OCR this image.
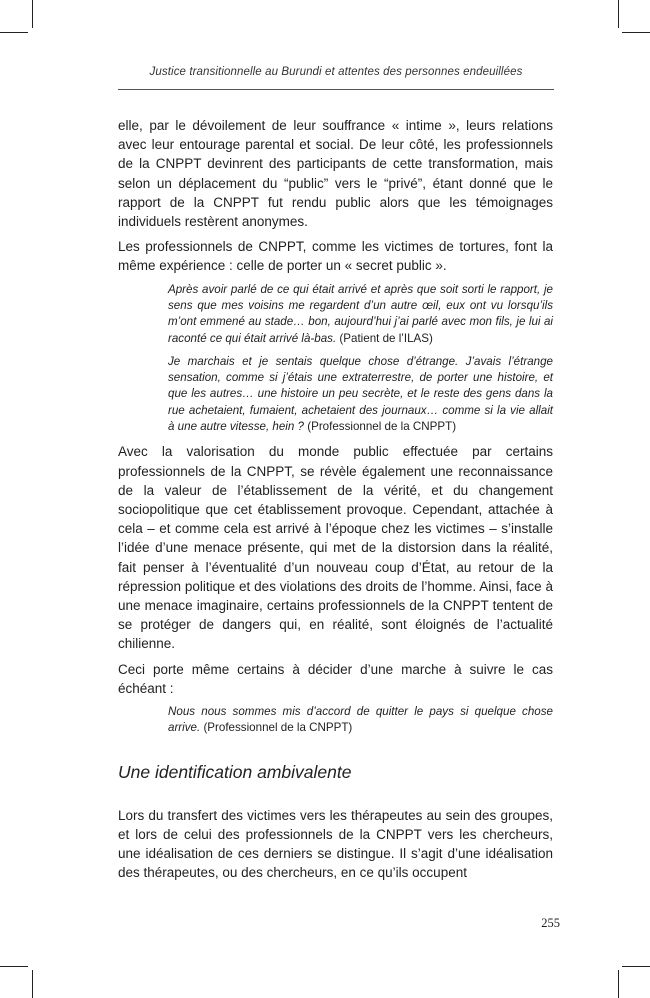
Justice transitionnelle au Burundi et attentes des personnes endeuillées

elle, par le dévoilement de leur souffrance « intime », leurs relations avec leur entourage parental et social. De leur côté, les professionnels de la CNPPT devinrent des participants de cette transformation, mais selon un déplacement du “public” vers le “privé”, étant donné que le rapport de la CNPPT fut rendu public alors que les témoignages individuels restèrent anonymes.

Les professionnels de CNPPT, comme les victimes de tortures, font la même expérience : celle de porter un « secret public ».

Après avoir parlé de ce qui était arrivé et après que soit sorti le rapport, je sens que mes voisins me regardent d’un autre œil, eux ont vu lorsqu’ils m’ont emmené au stade… bon, aujourd’hui j’ai parlé avec mon fils, je lui ai raconté ce qui était arrivé là-bas. (Patient de l’ILAS)

Je marchais et je sentais quelque chose d’étrange. J’avais l’étrange sensation, comme si j’étais une extraterrestre, de porter une histoire, et que les autres… une histoire un peu secrète, et le reste des gens dans la rue achetaient, fumaient, achetaient des journaux… comme si la vie allait à une autre vitesse, hein ? (Professionnel de la CNPPT)

Avec la valorisation du monde public effectuée par certains professionnels de la CNPPT, se révèle également une reconnaissance de la valeur de l’établissement de la vérité, et du changement sociopolitique que cet établissement provoque. Cependant, attachée à cela – et comme cela est arrivé à l’époque chez les victimes – s’installe l’idée d’une menace présente, qui met de la distorsion dans la réalité, fait penser à l’éventualité d’un nouveau coup d’État, au retour de la répression politique et des violations des droits de l’homme. Ainsi, face à une menace imaginaire, certains professionnels de la CNPPT tentent de se protéger de dangers qui, en réalité, sont éloignés de l’actualité chilienne.

Ceci porte même certains à décider d’une marche à suivre le cas échéant :

Nous nous sommes mis d’accord de quitter le pays si quelque chose arrive. (Professionnel de la CNPPT)

Une identification ambivalente

Lors du transfert des victimes vers les thérapeutes au sein des groupes, et lors de celui des professionnels de la CNPPT vers les chercheurs, une idéalisation de ces derniers se distingue. Il s’agit d’une idéalisation des thérapeutes, ou des chercheurs, en ce qu’ils occupent

255
